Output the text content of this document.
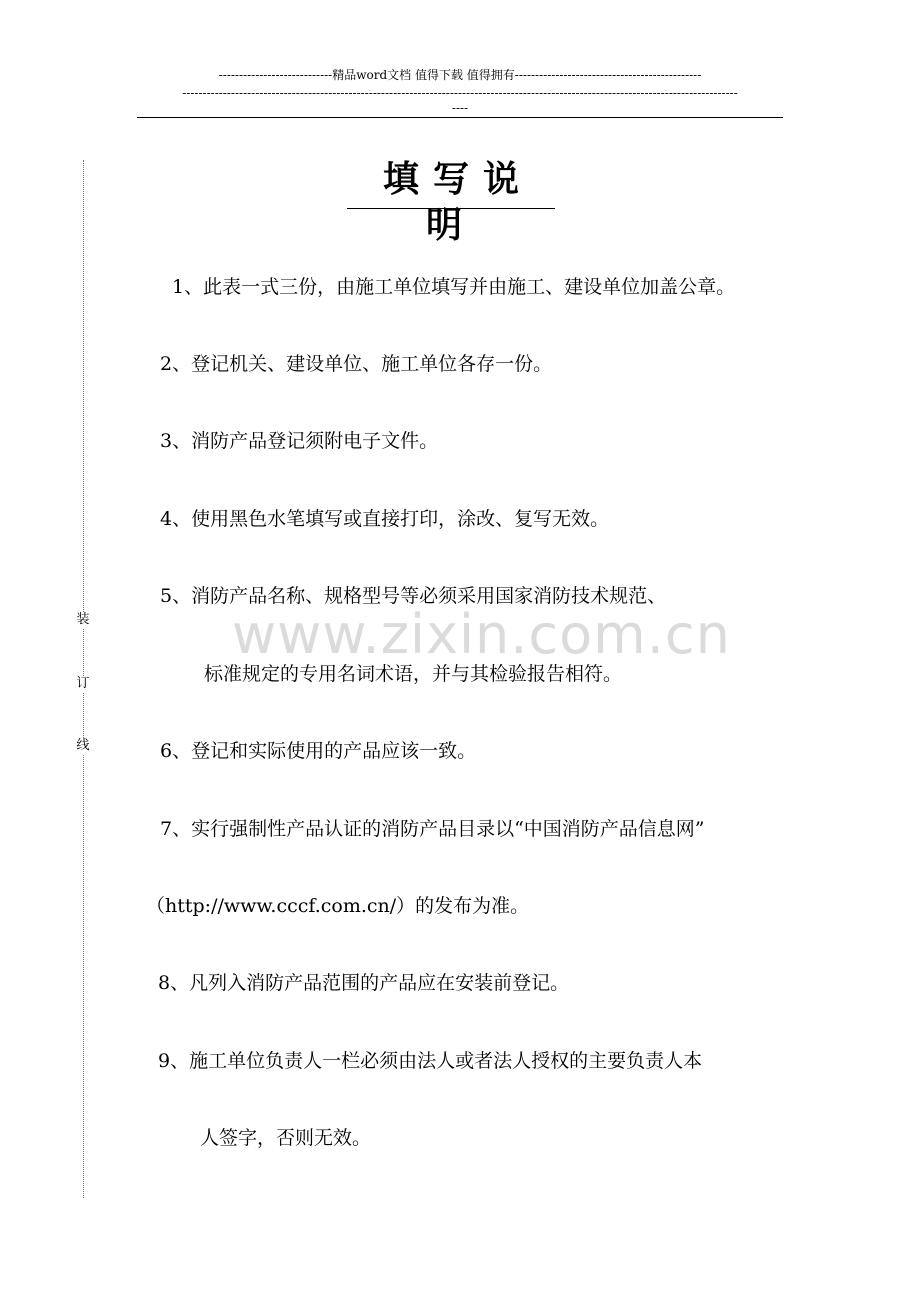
----------------------------精品word文档 值得下载 值得拥有----------------------------------------------
-----------------------------------------------------------------------------------------------------------------------------------------
----
装
订
线
填写说明
www.zixin.com.cn
1、此表一式三份，由施工单位填写并由施工、建设单位加盖公章。
2、登记机关、建设单位、施工单位各存一份。
3、消防产品登记须附电子文件。
4、使用黑色水笔填写或直接打印，涂改、复写无效。
5、消防产品名称、规格型号等必须采用国家消防技术规范、
标准规定的专用名词术语，并与其检验报告相符。
6、登记和实际使用的产品应该一致。
7、实行强制性产品认证的消防产品目录以“中国消防产品信息网”
（http://www.cccf.com.cn/）的发布为准。
8、凡列入消防产品范围的产品应在安装前登记。
9、施工单位负责人一栏必须由法人或者法人授权的主要负责人本
人签字，否则无效。
